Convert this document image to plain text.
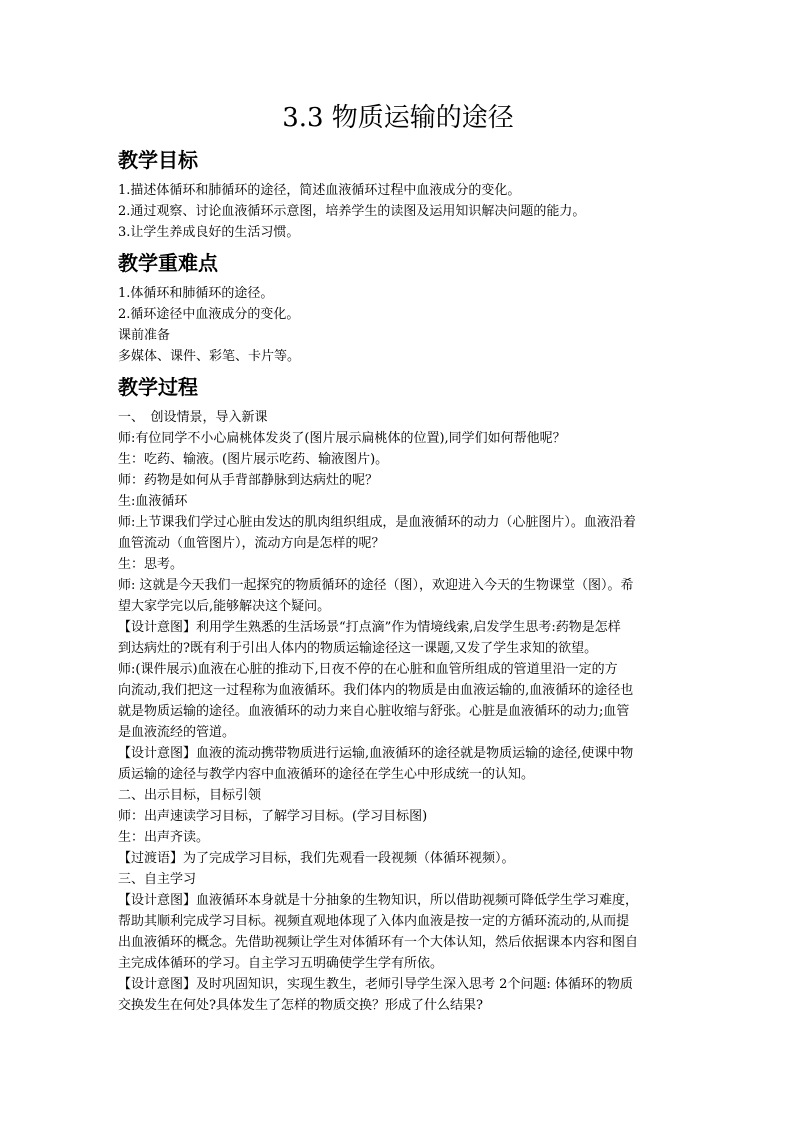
3.3 物质运输的途径
教学目标

1.描述体循环和肺循环的途径，简述血液循环过程中血液成分的变化。

2.通过观察、讨论血液循环示意图，培养学生的读图及运用知识解决问题的能力。

3.让学生养成良好的生活习惯。

教学重难点

1.体循环和肺循环的途径。

2.循环途径中血液成分的变化。

课前准备

多媒体、课件、彩笔、卡片等。

教学过程

一、　创设情景，导入新课

师:有位同学不小心扁桃体发炎了(图片展示扁桃体的位置),同学们如何帮他呢？

生：吃药、输液。(图片展示吃药、输液图片)。

师：药物是如何从手背部静脉到达病灶的呢？

生:血液循环

师:上节课我们学过心脏由发达的肌肉组织组成，是血液循环的动力（心脏图片）。血液沿着

血管流动（血管图片），流动方向是怎样的呢？

生：思考。

师: 这就是今天我们一起探究的物质循环的途径（图），欢迎进入今天的生物课堂（图）。希

望大家学完以后,能够解决这个疑问。

【设计意图】利用学生熟悉的生活场景“打点滴”作为情境线索,启发学生思考:药物是怎样

到达病灶的?既有利于引出人体内的物质运输途径这一课题,又发了学生求知的欲望。

师:(课件展示)血液在心脏的推动下,日夜不停的在心脏和血管所组成的管道里沿一定的方

向流动,我们把这一过程称为血液循环。我们体内的物质是由血液运输的,血液循环的途径也

就是物质运输的途径。血液循环的动力来自心脏收缩与舒张。心脏是血液循环的动力;血管

是血液流经的管道。

【设计意图】血液的流动携带物质进行运输,血液循环的途径就是物质运输的途径,使课中物

质运输的途径与教学内容中血液循环的途径在学生心中形成统一的认知。

二、出示目标，目标引领

师：出声速读学习目标，了解学习目标。(学习目标图)

生：出声齐读。

【过渡语】为了完成学习目标，我们先观看一段视频（体循环视频）。

三、自主学习

【设计意图】血液循环本身就是十分抽象的生物知识，所以借助视频可降低学生学习难度，

帮助其顺利完成学习目标。视频直观地体现了入体内血液是按一定的方循环流动的,从而提

出血液循环的概念。先借助视频让学生对体循环有一个大体认知，然后依据课本内容和图自

主完成体循环的学习。自主学习五明确使学生学有所依。

【设计意图】及时巩固知识，实现生教生，老师引导学生深入思考 2个问题: 体循环的物质

交换发生在何处?具体发生了怎样的物质交换？形成了什么结果?
